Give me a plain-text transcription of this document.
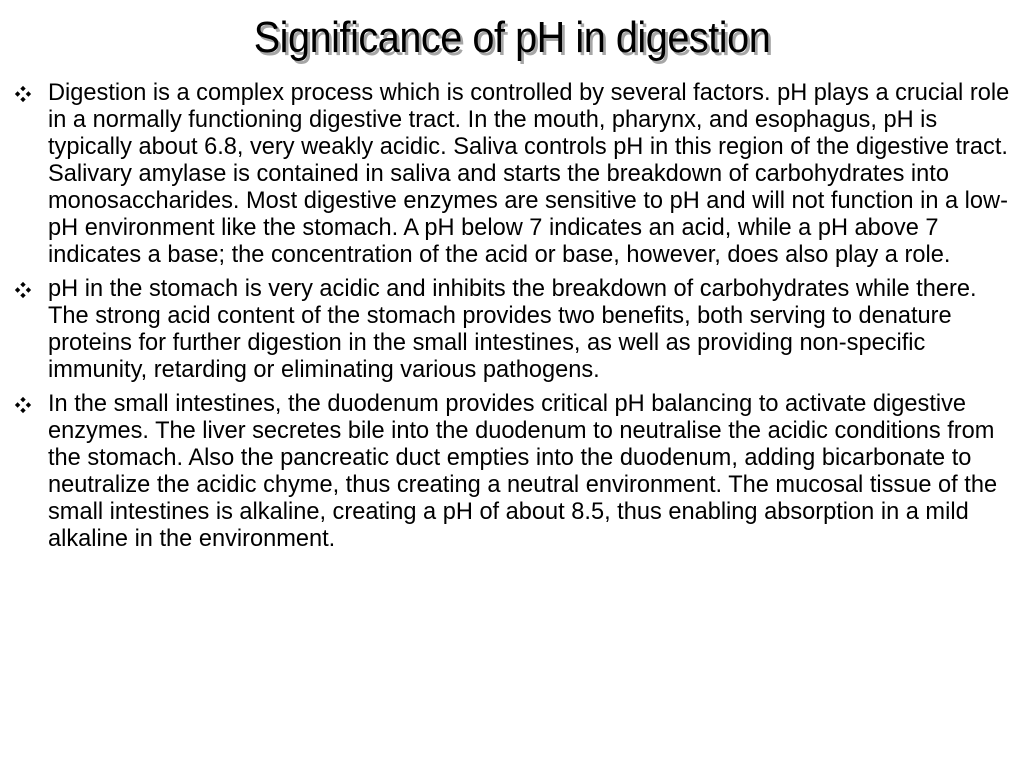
Significance of pH in digestion
Digestion is a complex process which is controlled by several factors. pH plays a crucial role in a normally functioning digestive tract. In the mouth, pharynx, and esophagus, pH is typically about 6.8, very weakly acidic. Saliva controls pH in this region of the digestive tract. Salivary amylase is contained in saliva and starts the breakdown of carbohydrates into monosaccharides. Most digestive enzymes are sensitive to pH and will not function in a low-pH environment like the stomach. A pH below 7 indicates an acid, while a pH above 7 indicates a base; the concentration of the acid or base, however, does also play a role.
pH in the stomach is very acidic and inhibits the breakdown of carbohydrates while there. The strong acid content of the stomach provides two benefits, both serving to denature proteins for further digestion in the small intestines, as well as providing non-specific immunity, retarding or eliminating various pathogens.
In the small intestines, the duodenum provides critical pH balancing to activate digestive enzymes. The liver secretes bile into the duodenum to neutralise the acidic conditions from the stomach. Also the pancreatic duct empties into the duodenum, adding bicarbonate to neutralize the acidic chyme, thus creating a neutral environment. The mucosal tissue of the small intestines is alkaline, creating a pH of about 8.5, thus enabling absorption in a mild alkaline in the environment.
